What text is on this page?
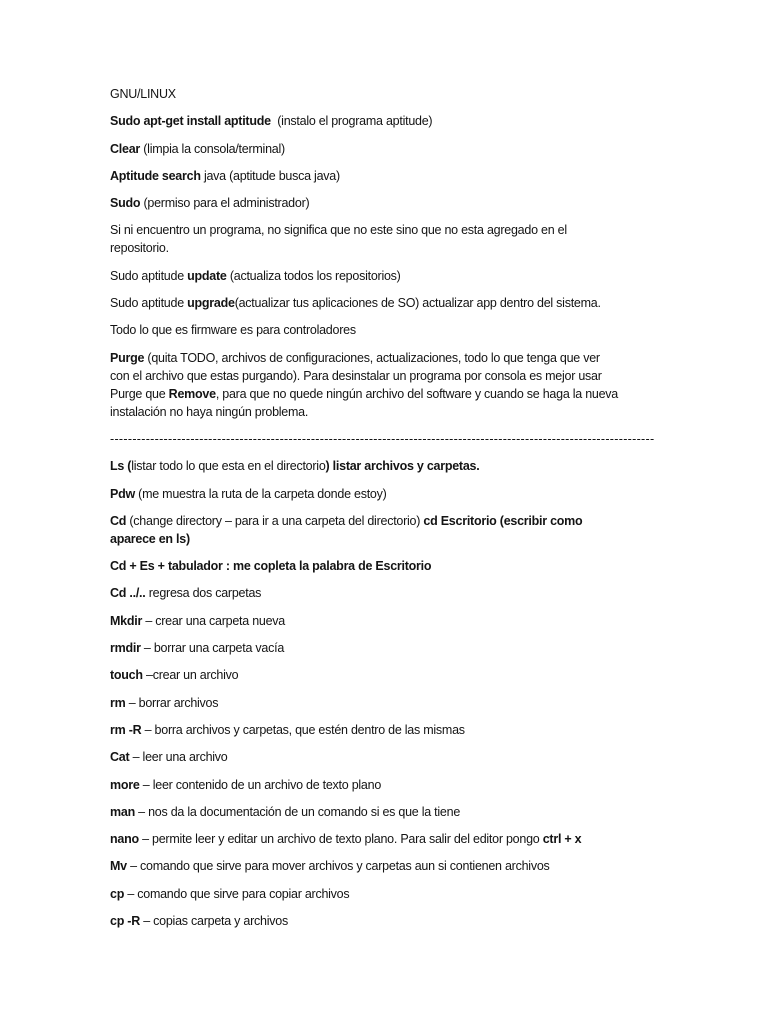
GNU/LINUX
Sudo apt-get install aptitude  (instalo el programa aptitude)
Clear (limpia la consola/terminal)
Aptitude search java (aptitude busca java)
Sudo (permiso para el administrador)
Si ni encuentro un programa, no significa que no este sino que no esta agregado en el
repositorio.
Sudo aptitude update (actualiza todos los repositorios)
Sudo aptitude upgrade(actualizar tus aplicaciones de SO) actualizar app dentro del sistema.
Todo lo que es firmware es para controladores
Purge (quita TODO, archivos de configuraciones, actualizaciones, todo lo que tenga que ver
con el archivo que estas purgando). Para desinstalar un programa por consola es mejor usar
Purge que Remove, para que no quede ningún archivo del software y cuando se haga la nueva
instalación no haya ningún problema.
--------------------------------------------------------------------------------------------------------------------------
Ls (listar todo lo que esta en el directorio) listar archivos y carpetas.
Pdw (me muestra la ruta de la carpeta donde estoy)
Cd (change directory – para ir a una carpeta del directorio) cd Escritorio (escribir como
aparece en ls)
Cd + Es + tabulador : me copleta la palabra de Escritorio
Cd ../.. regresa dos carpetas
Mkdir – crear una carpeta nueva
rmdir – borrar una carpeta vacía
touch –crear un archivo
rm – borrar archivos
rm -R – borra archivos y carpetas, que estén dentro de las mismas
Cat – leer una archivo
more – leer contenido de un archivo de texto plano
man – nos da la documentación de un comando si es que la tiene
nano – permite leer y editar un archivo de texto plano. Para salir del editor pongo ctrl + x
Mv – comando que sirve para mover archivos y carpetas aun si contienen archivos
cp – comando que sirve para copiar archivos
cp -R – copias carpeta y archivos
